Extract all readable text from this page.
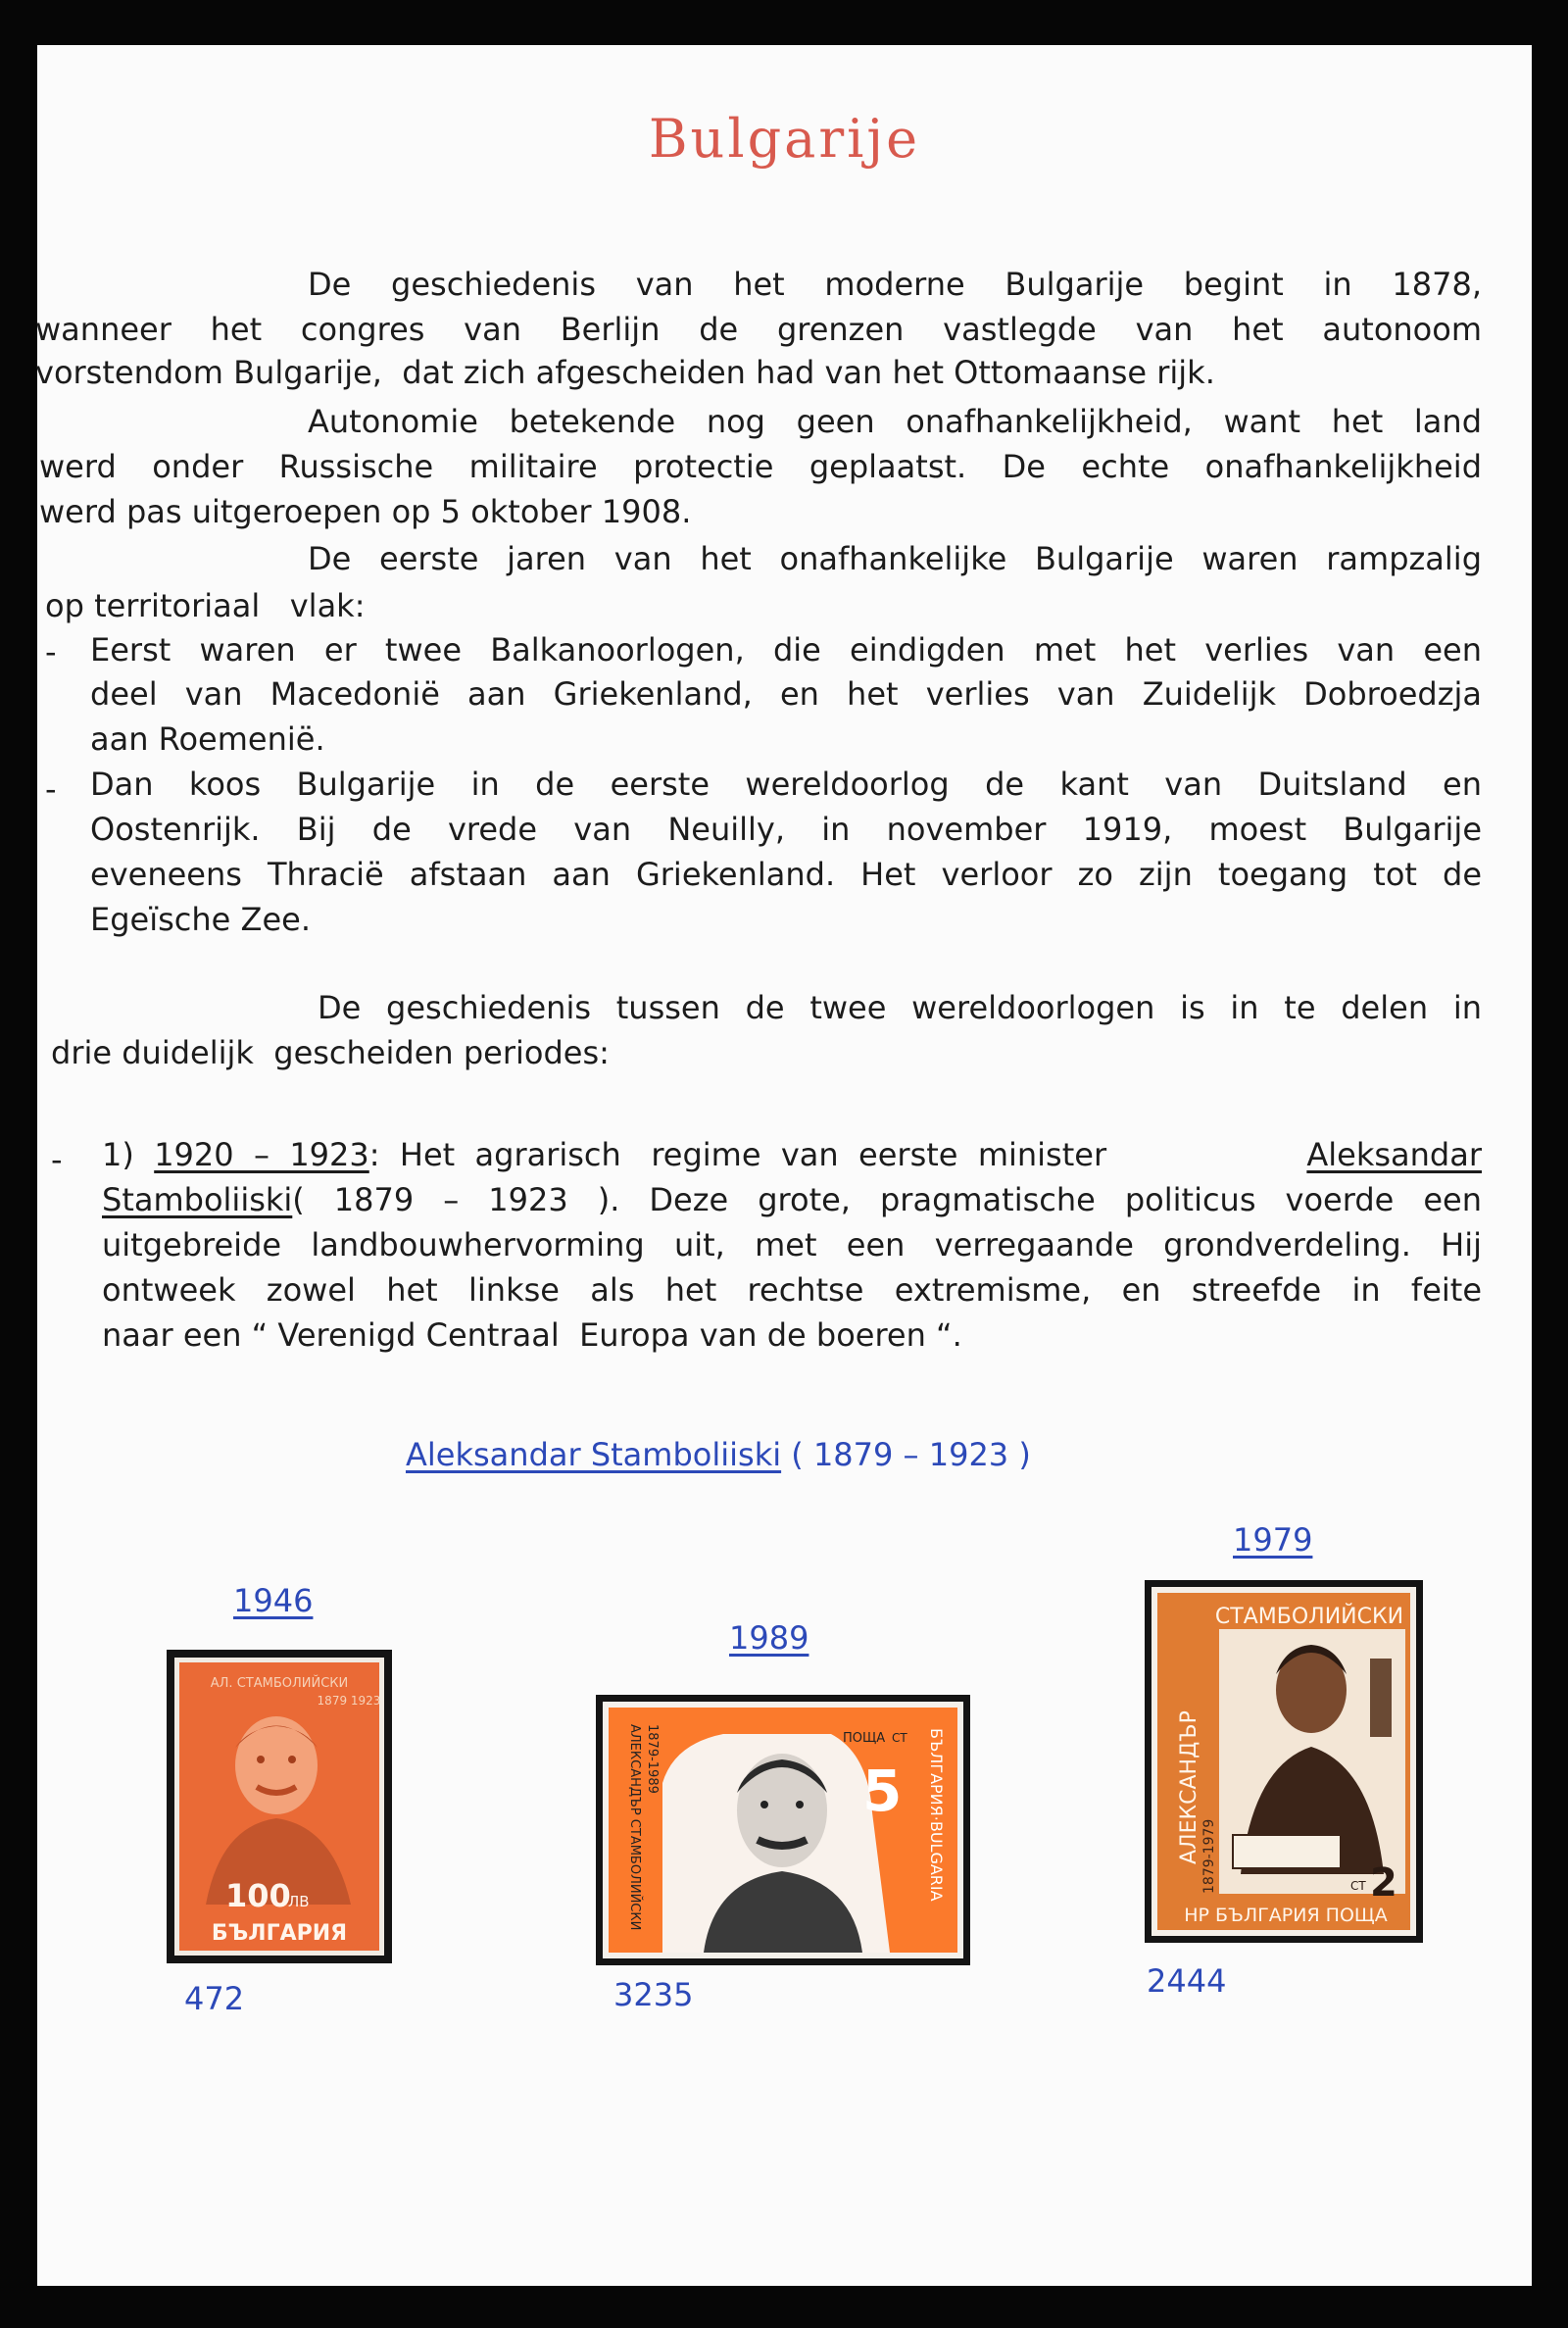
Bulgarije
De geschiedenis van het moderne Bulgarije begint in 1878,
wanneer het congres van Berlijn de grenzen vastlegde van het autonoom
vorstendom Bulgarije,  dat zich afgescheiden had van het Ottomaanse rijk.
Autonomie betekende nog geen onafhankelijkheid, want het land
werd onder Russische militaire protectie geplaatst. De echte onafhankelijkheid
werd pas uitgeroepen op 5 oktober 1908.
De eerste jaren van het onafhankelijke Bulgarije waren rampzalig
op territoriaal   vlak:
- Eerst waren er twee Balkanoorlogen, die eindigden met het verlies van een
deel van Macedonië aan Griekenland, en het verlies van Zuidelijk Dobroedzja
aan Roemenië.
- Dan koos Bulgarije in de eerste wereldoorlog de kant van Duitsland en
Oostenrijk. Bij de vrede van Neuilly, in november 1919, moest Bulgarije
eveneens Thracië afstaan aan Griekenland. Het verloor zo zijn toegang tot de
Egeïsche Zee.
De geschiedenis tussen de twee wereldoorlogen is in te delen in
drie duidelijk  gescheiden periodes:
- 1) 1920  –  1923:  Het  agrarisch   regime  van  eerste  minister	Aleksandar
Stamboliiski ( 1879 – 1923 ). Deze grote, pragmatische politicus voerde een
uitgebreide landbouwhervorming uit, met een verregaande grondverdeling. Hij
ontweek zowel het linkse als het rechtse extremisme, en streefde in feite
naar een “ Verenigd Centraal  Europa van de boeren “.
Aleksandar Stamboliiski ( 1879 – 1923 )
1946
1989
1979
АЛ. СТАМБОЛИЙСКИ
1879 1923
100
ЛВ
БЪЛГАРИЯ
ПОЩА
5
СТ
АЛЕКСАНДЪР СТАМБОЛИЙСКИ 1879-1989	БЪЛГАРИЯ·BULGARIA
СТАМБОЛИЙСКИ
АЛЕКСАНДЪР 1879-1979	2
СТ
НР БЪЛГАРИЯ ПОЩА
472	3235	2444
